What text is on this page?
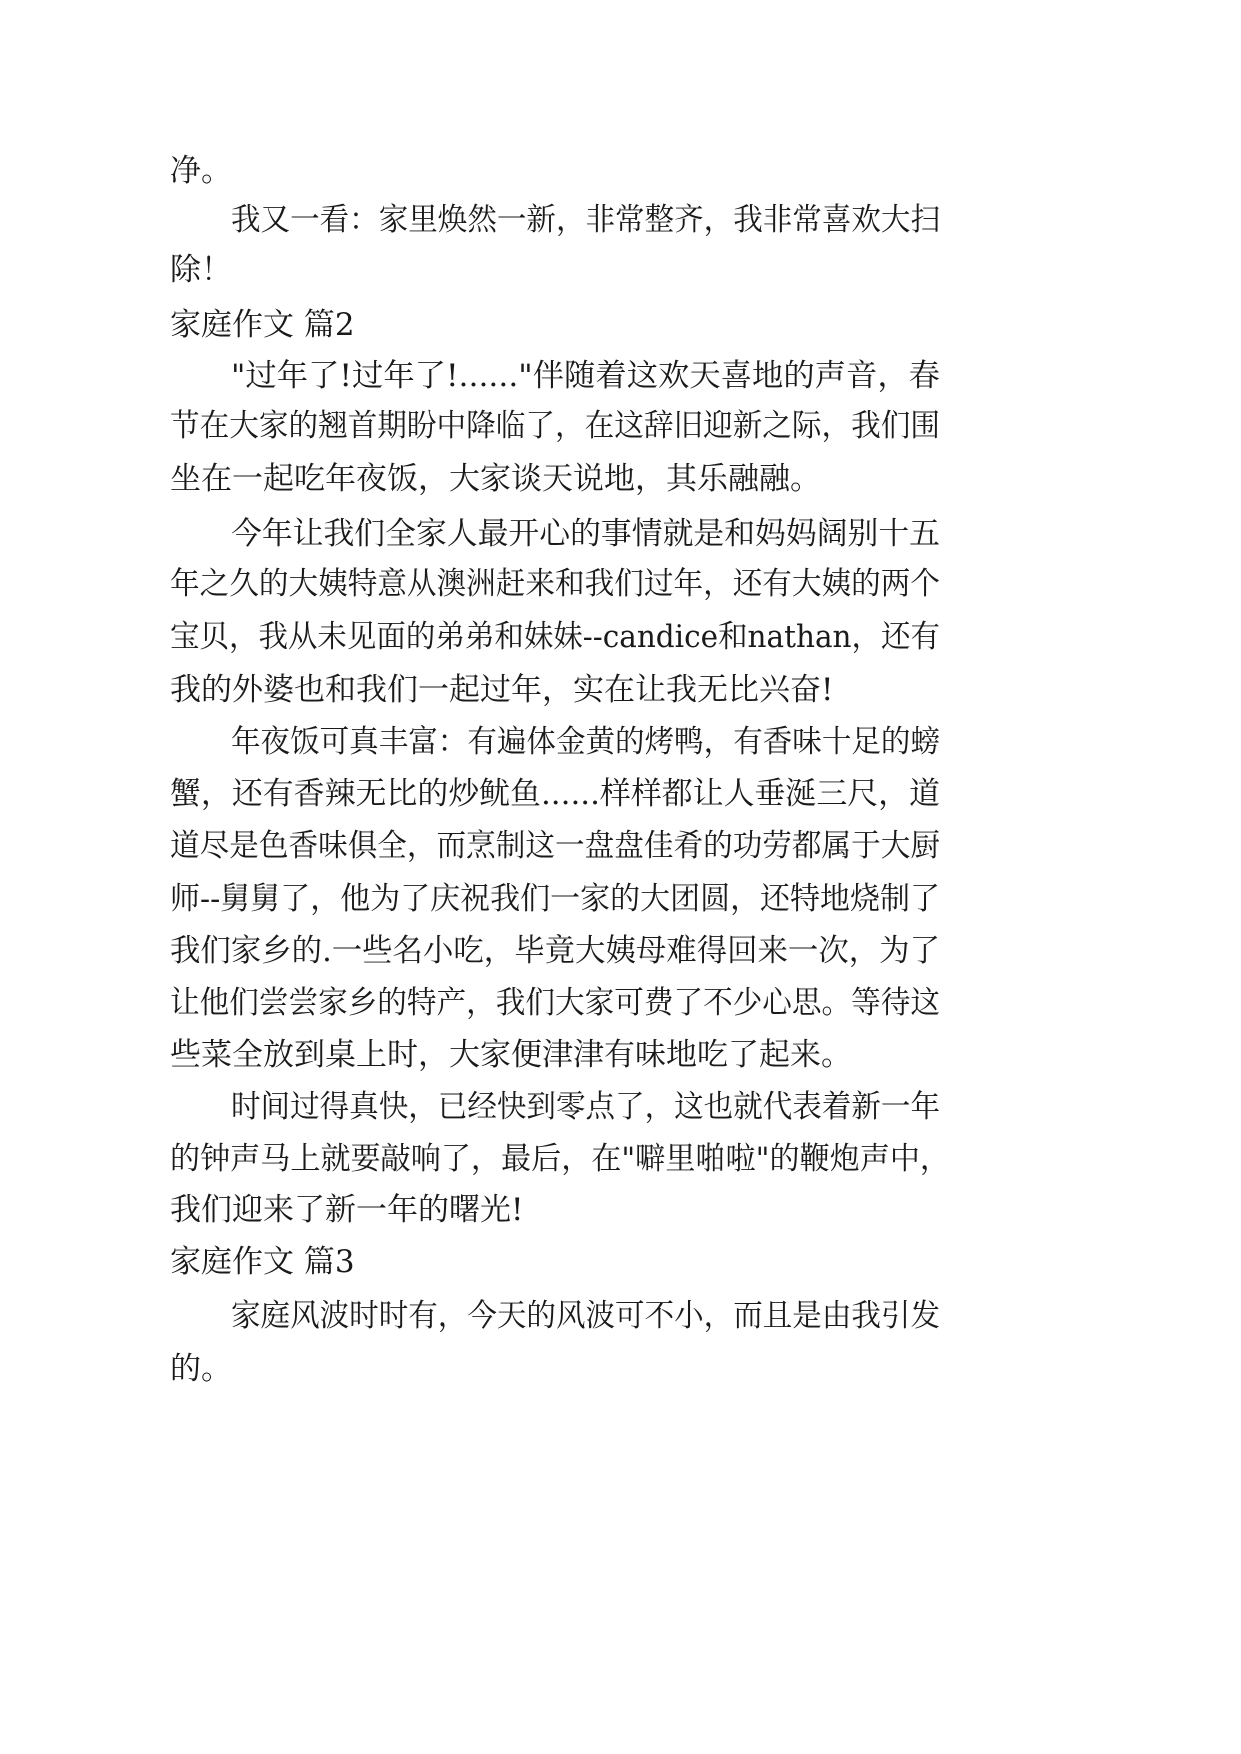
净。

我又一看：家里焕然一新，非常整齐，我非常喜欢大扫

除！

家庭作文 篇2

"过年了!过年了!......"伴随着这欢天喜地的声音，春

节在大家的翘首期盼中降临了，在这辞旧迎新之际，我们围

坐在一起吃年夜饭，大家谈天说地，其乐融融。

今年让我们全家人最开心的事情就是和妈妈阔别十五

年之久的大姨特意从澳洲赶来和我们过年，还有大姨的两个

宝贝，我从未见面的弟弟和妹妹--candice和nathan，还有

我的外婆也和我们一起过年，实在让我无比兴奋!

年夜饭可真丰富：有遍体金黄的烤鸭，有香味十足的螃

蟹，还有香辣无比的炒鱿鱼......样样都让人垂涎三尺，道

道尽是色香味俱全，而烹制这一盘盘佳肴的功劳都属于大厨

师--舅舅了，他为了庆祝我们一家的大团圆，还特地烧制了

我们家乡的.一些名小吃，毕竟大姨母难得回来一次，为了

让他们尝尝家乡的特产，我们大家可费了不少心思。等待这

些菜全放到桌上时，大家便津津有味地吃了起来。

时间过得真快，已经快到零点了，这也就代表着新一年

的钟声马上就要敲响了，最后，在"噼里啪啦"的鞭炮声中，

我们迎来了新一年的曙光!

家庭作文 篇3

家庭风波时时有，今天的风波可不小，而且是由我引发

的。
